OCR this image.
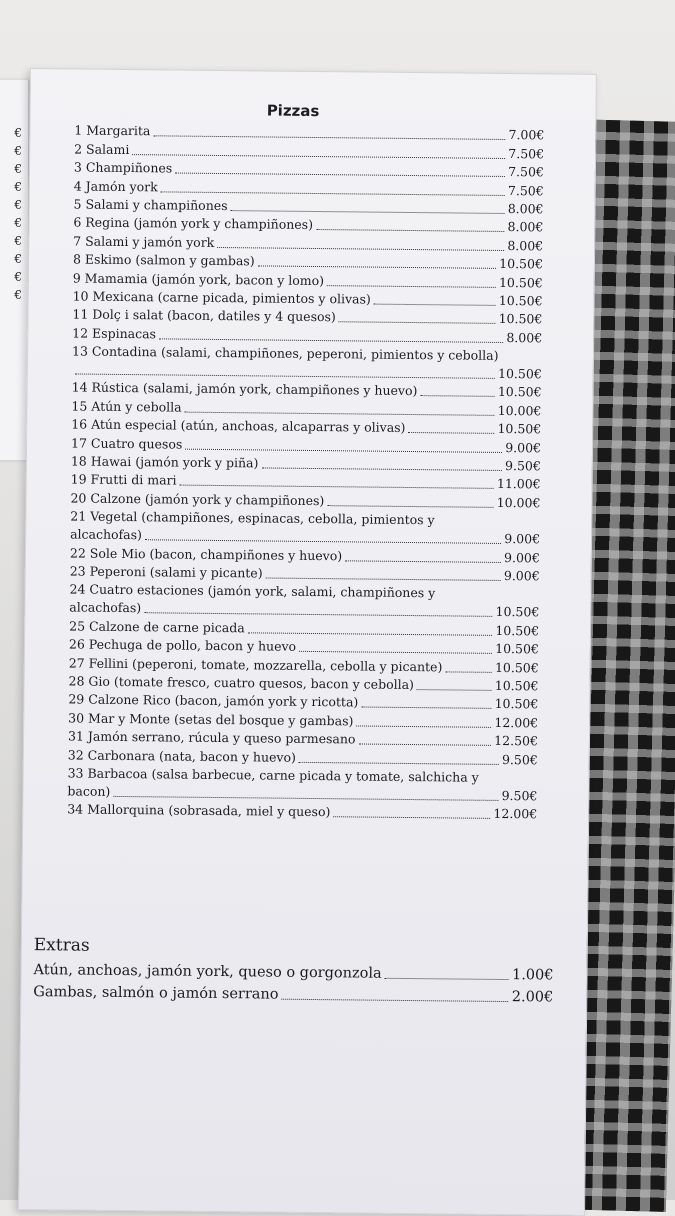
€
€
€
€
€
€
€
€
€
€
Pizzas
1 Margarita	7.00€
2 Salami	7.50€
3 Champiñones	7.50€
4 Jamón york	7.50€
5 Salami y champiñones	8.00€
6 Regina (jamón york y champiñones)	8.00€
7 Salami y jamón york	8.00€
8 Eskimo (salmon y gambas)	10.50€
9 Mamamia (jamón york, bacon y lomo)	10.50€
10 Mexicana (carne picada, pimientos y olivas)	10.50€
11 Dolç i salat (bacon, datiles y 4 quesos)	10.50€
12 Espinacas	8.00€
13 Contadina (salami, champiñones, peperoni, pimientos y cebolla)
10.50€
14 Rústica (salami, jamón york, champiñones y huevo)	10.50€
15 Atún y cebolla	10.00€
16 Atún especial (atún, anchoas, alcaparras y olivas)	10.50€
17 Cuatro quesos	9.00€
18 Hawai (jamón york y piña)	9.50€
19 Frutti di mari	11.00€
20 Calzone (jamón york y champiñones)	10.00€
21 Vegetal (champiñones, espinacas, cebolla, pimientos y
alcachofas)	9.00€
22 Sole Mio (bacon, champiñones y huevo)	9.00€
23 Peperoni (salami y picante)	9.00€
24 Cuatro estaciones (jamón york, salami, champiñones y
alcachofas)	10.50€
25 Calzone de carne picada	10.50€
26 Pechuga de pollo, bacon y huevo	10.50€
27 Fellini (peperoni, tomate, mozzarella, cebolla y picante)	10.50€
28 Gio (tomate fresco, cuatro quesos, bacon y cebolla)	10.50€
29 Calzone Rico (bacon, jamón york y ricotta)	10.50€
30 Mar y Monte (setas del bosque y gambas)	12.00€
31 Jamón serrano, rúcula y queso parmesano	12.50€
32 Carbonara (nata, bacon y huevo)	9.50€
33 Barbacoa (salsa barbecue, carne picada y tomate, salchicha y
bacon)	9.50€
34 Mallorquina (sobrasada, miel y queso)	12.00€
Extras
Atún, anchoas, jamón york, queso o gorgonzola	1.00€
Gambas, salmón o jamón serrano	2.00€
